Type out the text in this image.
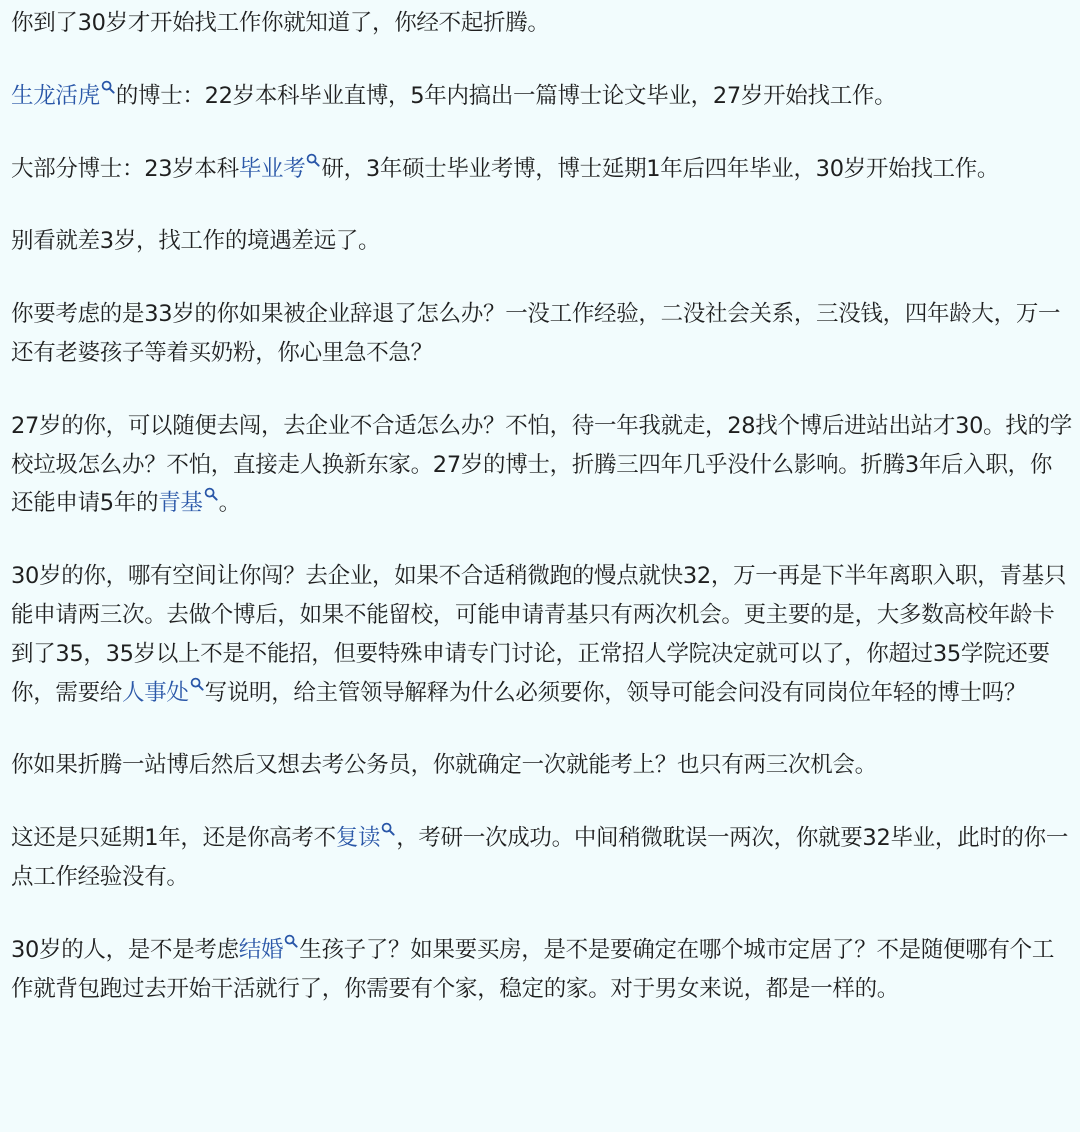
你到了30岁才开始找工作你就知道了，你经不起折腾。

生龙活虎 的博士：22岁本科毕业直博，5年内搞出一篇博士论文毕业，27岁开始找工作。

大部分博士：23岁本科毕业考 研，3年硕士毕业考博，博士延期1年后四年毕业，30岁开始找工作。

别看就差3岁，找工作的境遇差远了。

你要考虑的是33岁的你如果被企业辞退了怎么办？一没工作经验，二没社会关系，三没钱，四年龄大，万一还有老婆孩子等着买奶粉，你心里急不急？

27岁的你，可以随便去闯，去企业不合适怎么办？不怕，待一年我就走，28找个博后进站出站才30。找的学校垃圾怎么办？不怕，直接走人换新东家。27岁的博士，折腾三四年几乎没什么影响。折腾3年后入职，你还能申请5年的青基 。

30岁的你，哪有空间让你闯？去企业，如果不合适稍微跑的慢点就快32，万一再是下半年离职入职，青基只能申请两三次。去做个博后，如果不能留校，可能申请青基只有两次机会。更主要的是，大多数高校年龄卡到了35，35岁以上不是不能招，但要特殊申请专门讨论，正常招人学院决定就可以了，你超过35学院还要你，需要给人事处 写说明，给主管领导解释为什么必须要你，领导可能会问没有同岗位年轻的博士吗？

你如果折腾一站博后然后又想去考公务员，你就确定一次就能考上？也只有两三次机会。

这还是只延期1年，还是你高考不复读 ，考研一次成功。中间稍微耽误一两次，你就要32毕业，此时的你一点工作经验没有。

30岁的人，是不是考虑结婚 生孩子了？如果要买房，是不是要确定在哪个城市定居了？不是随便哪有个工作就背包跑过去开始干活就行了，你需要有个家，稳定的家。对于男女来说，都是一样的。
